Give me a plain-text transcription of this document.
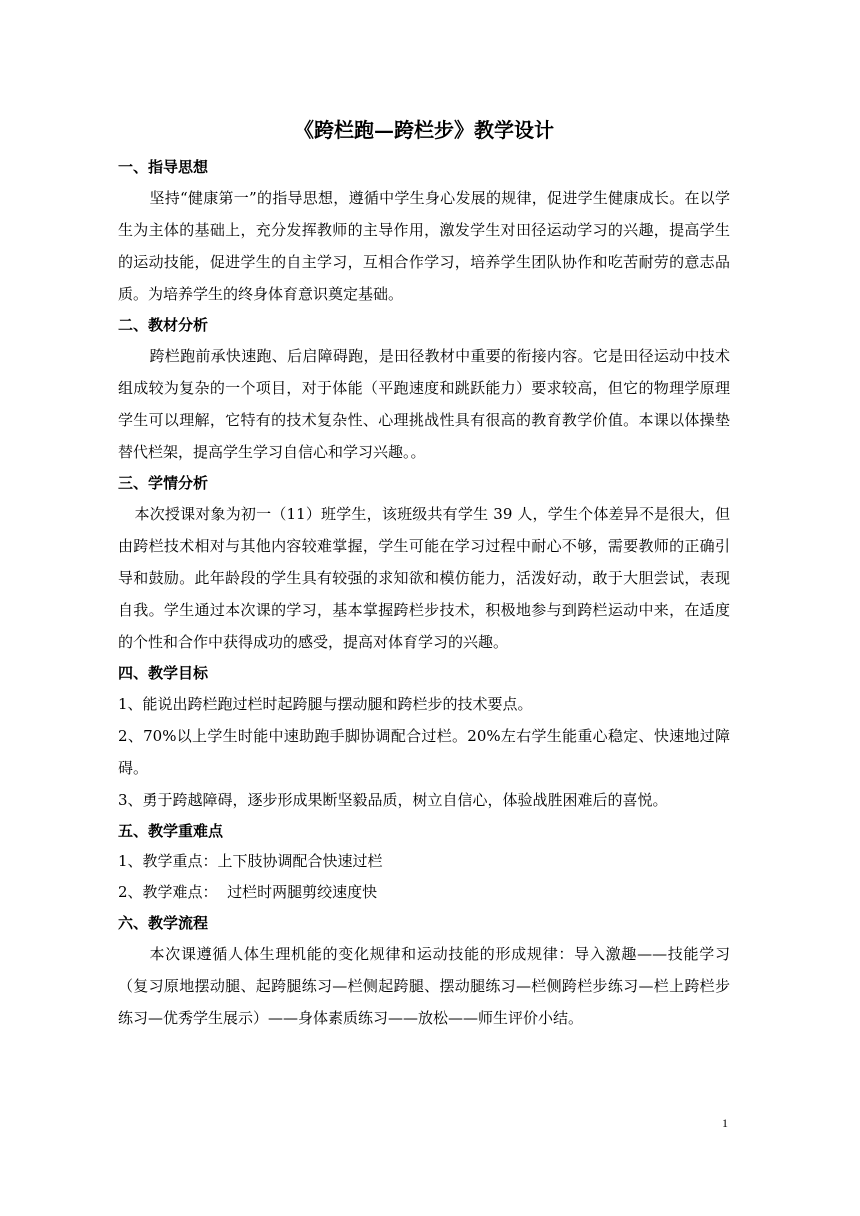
《跨栏跑—跨栏步》教学设计
一、指导思想

坚持“健康第一”的指导思想，遵循中学生身心发展的规律，促进学生健康成长。在以学生为主体的基础上，充分发挥教师的主导作用，激发学生对田径运动学习的兴趣，提高学生的运动技能，促进学生的自主学习，互相合作学习，培养学生团队协作和吃苦耐劳的意志品质。为培养学生的终身体育意识奠定基础。

二、教材分析

跨栏跑前承快速跑、后启障碍跑，是田径教材中重要的衔接内容。它是田径运动中技术组成较为复杂的一个项目，对于体能（平跑速度和跳跃能力）要求较高，但它的物理学原理学生可以理解，它特有的技术复杂性、心理挑战性具有很高的教育教学价值。本课以体操垫替代栏架，提高学生学习自信心和学习兴趣。。

三、学情分析

本次授课对象为初一（11）班学生，该班级共有学生 39 人，学生个体差异不是很大，但由跨栏技术相对与其他内容较难掌握，学生可能在学习过程中耐心不够，需要教师的正确引导和鼓励。此年龄段的学生具有较强的求知欲和模仿能力，活泼好动，敢于大胆尝试，表现自我。学生通过本次课的学习，基本掌握跨栏步技术，积极地参与到跨栏运动中来，在适度的个性和合作中获得成功的感受，提高对体育学习的兴趣。

四、教学目标

1、能说出跨栏跑过栏时起跨腿与摆动腿和跨栏步的技术要点。

2、70%以上学生时能中速助跑手脚协调配合过栏。20%左右学生能重心稳定、快速地过障碍。

3、勇于跨越障碍，逐步形成果断坚毅品质，树立自信心，体验战胜困难后的喜悦。

五、教学重难点

1、教学重点：上下肢协调配合快速过栏

2、教学难点：  过栏时两腿剪绞速度快

六、教学流程

本次课遵循人体生理机能的变化规律和运动技能的形成规律：导入激趣——技能学习（复习原地摆动腿、起跨腿练习—栏侧起跨腿、摆动腿练习—栏侧跨栏步练习—栏上跨栏步练习—优秀学生展示）——身体素质练习——放松——师生评价小结。

1
